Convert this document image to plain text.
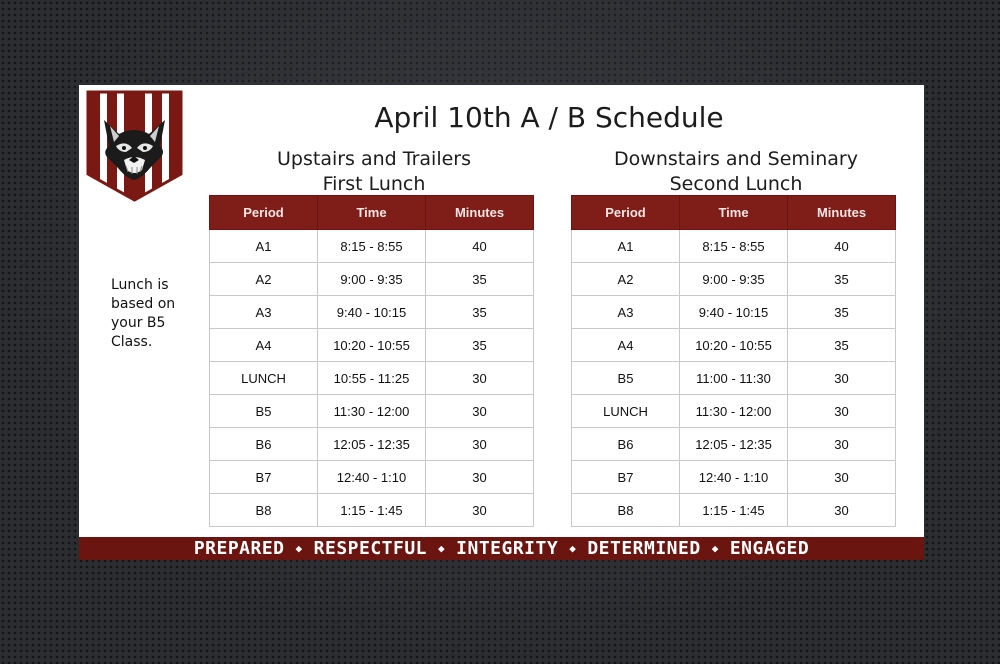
April 10th A / B Schedule
Upstairs and Trailers
First Lunch
Downstairs and Seminary
Second Lunch
Lunch is based on your B5 Class.
Period	Time	Minutes
A1	8:15 - 8:55	40
A2	9:00 - 9:35	35
A3	9:40 - 10:15	35
A4	10:20 - 10:55	35
LUNCH	10:55 - 11:25	30
B5	11:30 - 12:00	30
B6	12:05 - 12:35	30
B7	12:40 - 1:10	30
B8	1:15 - 1:45	30
Period	Time	Minutes
A1	8:15 - 8:55	40
A2	9:00 - 9:35	35
A3	9:40 - 10:15	35
A4	10:20 - 10:55	35
B5	11:00 - 11:30	30
LUNCH	11:30 - 12:00	30
B6	12:05 - 12:35	30
B7	12:40 - 1:10	30
B8	1:15 - 1:45	30
PREPARED ◆ RESPECTFUL ◆ INTEGRITY ◆ DETERMINED ◆ ENGAGED
